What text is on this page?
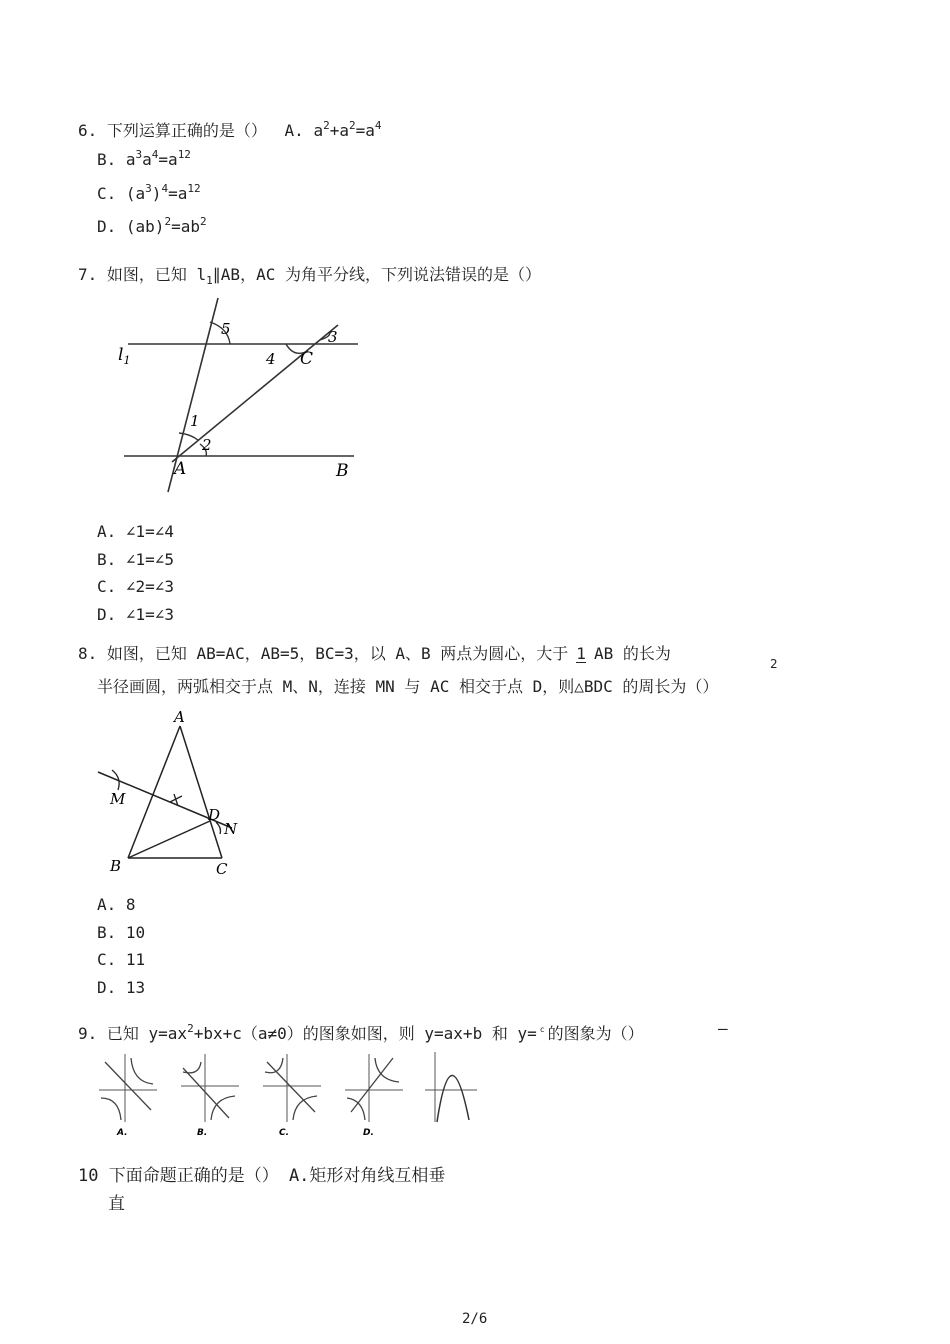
6. 下列运算正确的是（） A. $a^2+a^2=a^4$
B. $a^3a^4=a^{12}$
C. $(a^3)^4=a^{12}$
D. $(ab)^2=ab^2$
7. 如图，已知 $l_1\parallel AB$，AC 为角平分线，下列说法错误的是（）
$l_1$
5
4 C
3
1
2
A	B
A. ∠1=∠4
B. ∠1=∠5
C. ∠2=∠3
D. ∠1=∠3
8. 如图，已知 AB=AC，AB=5，BC=3，以 A、B 两点为圆心，大于 1 AB 的长为
2
半径画圆，两弧相交于点 M、N，连接 MN 与 AC 相交于点 D，则△BDC 的周长为（）
A
M
D
N
B	C
A. 8
B. 10
C. 11
D. 13
9. 已知 $y=ax^2+bx+c(a\ne 0)$的图象如图，则 y=ax+b 和 y= $^c$ 的图象为（）	–
A.	B.	C.	D.
10 下面命题正确的是（） A.矩形对角线互相垂
直
2/6
